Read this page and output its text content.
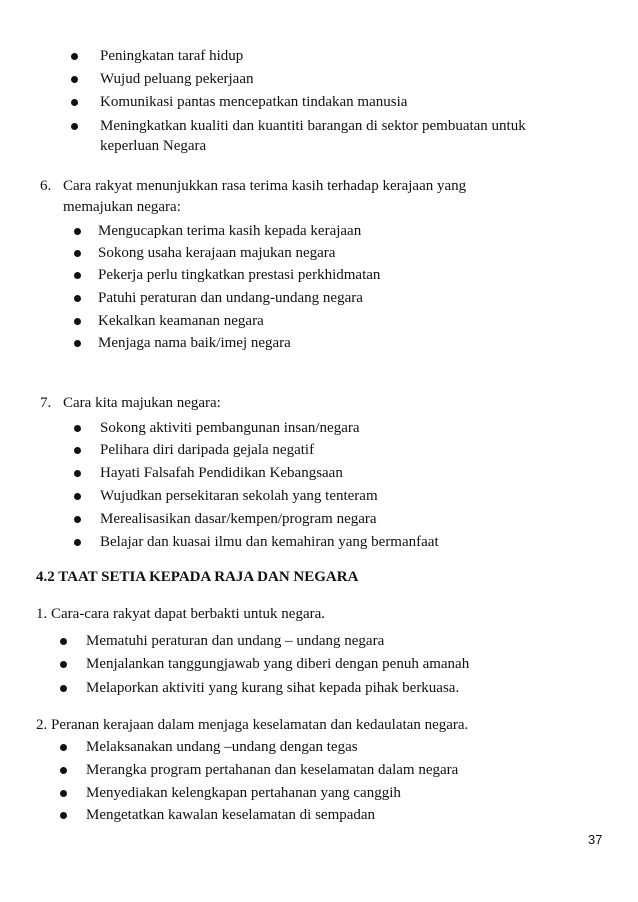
Peningkatan taraf hidup
Wujud peluang pekerjaan
Komunikasi pantas mencepatkan tindakan manusia
Meningkatkan kualiti dan kuantiti barangan di sektor pembuatan untuk
keperluan Negara
6. Cara rakyat menunjukkan rasa terima kasih terhadap kerajaan yang
memajukan negara:
Mengucapkan terima kasih kepada kerajaan
Sokong usaha kerajaan majukan negara
Pekerja perlu tingkatkan prestasi perkhidmatan
Patuhi peraturan dan undang-undang negara
Kekalkan keamanan negara
Menjaga nama baik/imej negara
7. Cara kita majukan negara:
Sokong aktiviti pembangunan insan/negara
Pelihara diri daripada gejala negatif
Hayati Falsafah Pendidikan Kebangsaan
Wujudkan persekitaran sekolah yang tenteram
Merealisasikan dasar/kempen/program negara
Belajar dan kuasai ilmu dan kemahiran yang bermanfaat
4.2 TAAT SETIA KEPADA RAJA DAN NEGARA
1. Cara-cara rakyat dapat berbakti untuk negara.
Mematuhi peraturan dan undang – undang negara
Menjalankan tanggungjawab yang diberi dengan penuh amanah
Melaporkan aktiviti yang kurang sihat kepada pihak berkuasa.
2. Peranan kerajaan dalam menjaga keselamatan dan kedaulatan negara.
Melaksanakan undang –undang dengan tegas
Merangka program pertahanan dan keselamatan dalam negara
Menyediakan kelengkapan pertahanan yang canggih
Mengetatkan kawalan keselamatan di sempadan
37
